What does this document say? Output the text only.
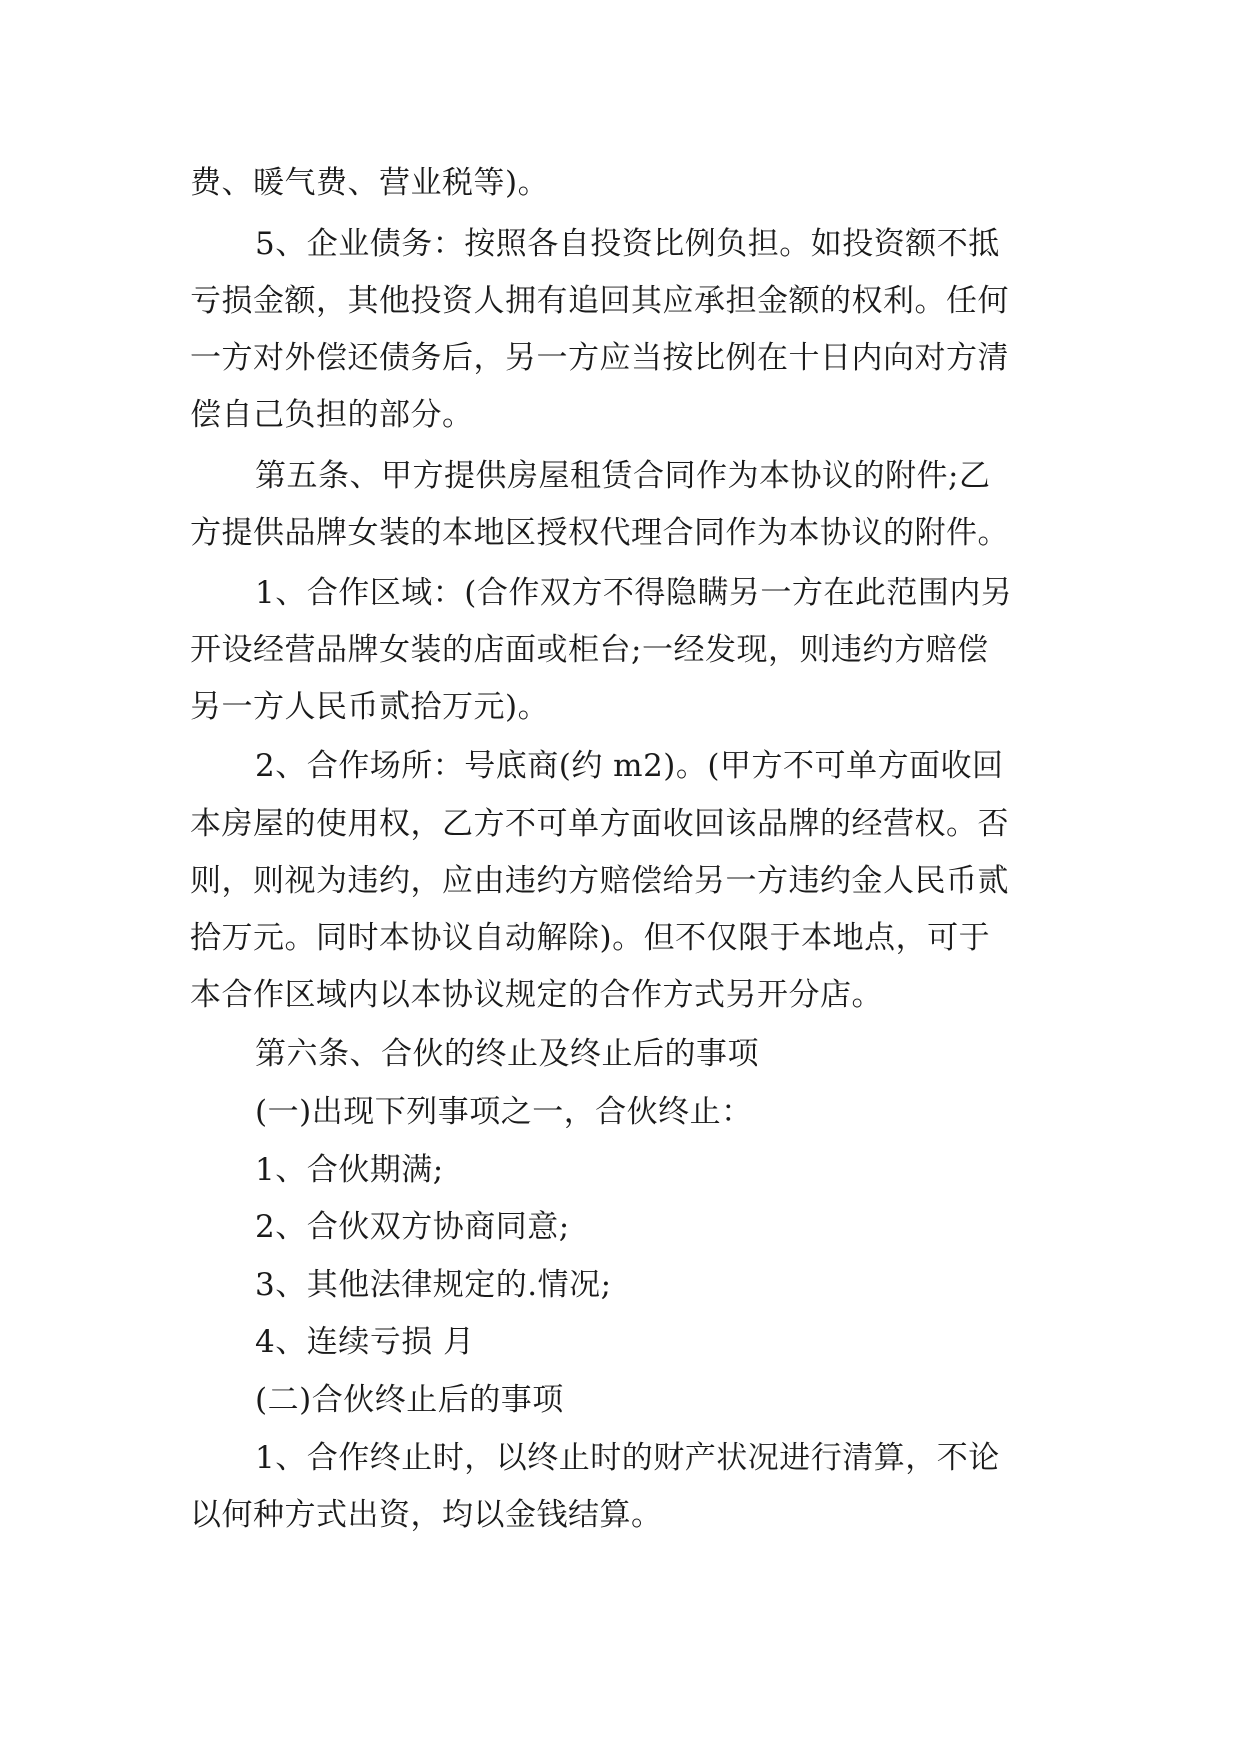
费、暖气费、营业税等)。
5、企业债务：按照各自投资比例负担。如投资额不抵
亏损金额，其他投资人拥有追回其应承担金额的权利。任何
一方对外偿还债务后，另一方应当按比例在十日内向对方清
偿自己负担的部分。
第五条、甲方提供房屋租赁合同作为本协议的附件;乙
方提供品牌女装的本地区授权代理合同作为本协议的附件。
1、合作区域：(合作双方不得隐瞒另一方在此范围内另
开设经营品牌女装的店面或柜台;一经发现，则违约方赔偿
另一方人民币贰拾万元)。
2、合作场所：号底商(约 m2)。(甲方不可单方面收回
本房屋的使用权，乙方不可单方面收回该品牌的经营权。否
则，则视为违约，应由违约方赔偿给另一方违约金人民币贰
拾万元。同时本协议自动解除)。但不仅限于本地点，可于
本合作区域内以本协议规定的合作方式另开分店。
第六条、合伙的终止及终止后的事项
(一)出现下列事项之一，合伙终止：
1、合伙期满;
2、合伙双方协商同意;
3、其他法律规定的.情况;
4、连续亏损 月
(二)合伙终止后的事项
1、合作终止时，以终止时的财产状况进行清算，不论
以何种方式出资，均以金钱结算。
